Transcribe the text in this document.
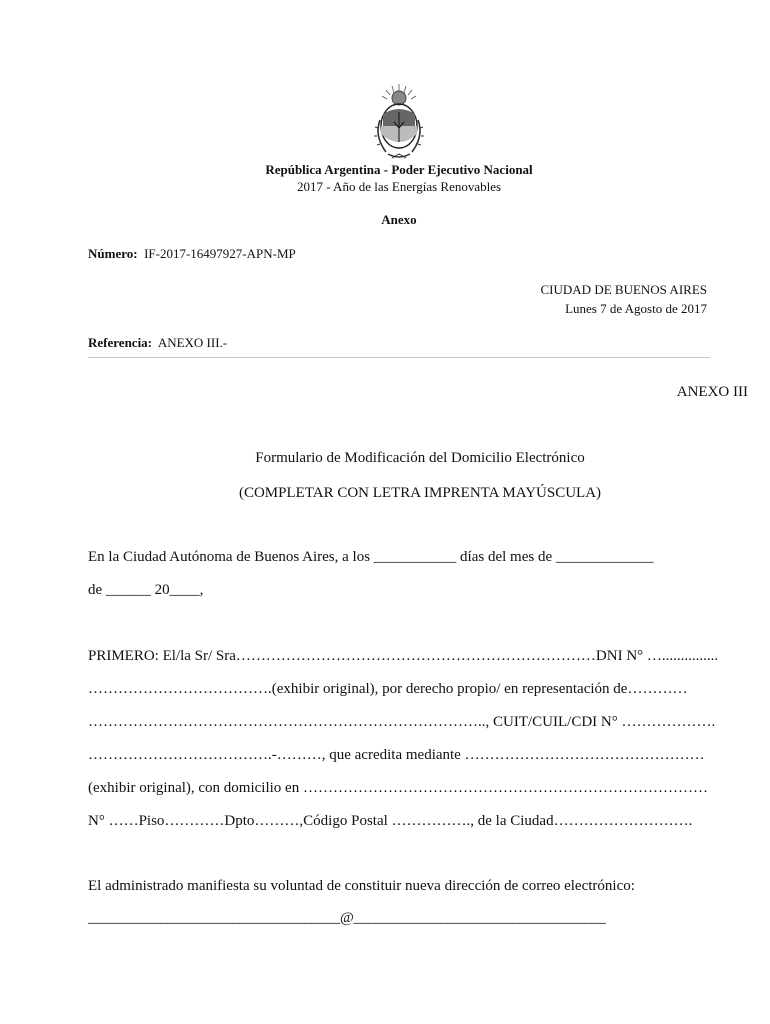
República Argentina - Poder Ejecutivo Nacional
2017 - Año de las Energías Renovables
Anexo
Número: IF-2017-16497927-APN-MP
CIUDAD DE BUENOS AIRES
Lunes 7 de Agosto de 2017
Referencia: ANEXO III.-
ANEXO III
Formulario de Modificación del Domicilio Electrónico
(COMPLETAR CON LETRA IMPRENTA MAYÚSCULA)
En la Ciudad Autónoma de Buenos Aires, a los ___________ días del mes de _____________
de ______ 20____,
PRIMERO: El/la Sr/ Sra………………………………………………………………DNI N° …...............
……………………………….(exhibir original), por derecho propio/ en representación de…………
…………………………………………………………………….., CUIT/CUIL/CDI N° ……………….
……………………………….-………, que acredita mediante …………………………………………
(exhibir original), con domicilio en ………………………………………………………………………
N° ……Piso…………Dpto………,Código Postal ……………., de la Ciudad……………………….
El administrado manifiesta su voluntad de constituir nueva dirección de correo electrónico:
___________________________________@___________________________________
